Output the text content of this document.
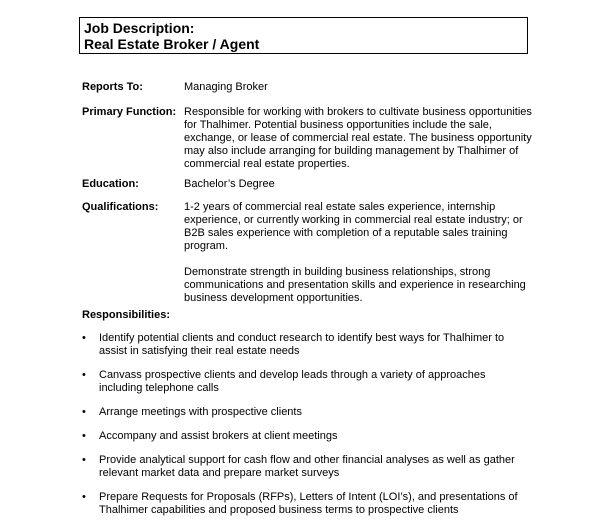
Job Description:
Real Estate Broker / Agent
Reports To:	Managing Broker

Primary Function: Responsible for working with brokers to cultivate business opportunities for Thalhimer. Potential business opportunities include the sale, exchange, or lease of commercial real estate. The business opportunity may also include arranging for building management by Thalhimer of commercial real estate properties.

Education:	Bachelor’s Degree

Qualifications: 1-2 years of commercial real estate sales experience, internship experience, or currently working in commercial real estate industry; or B2B sales experience with completion of a reputable sales training program.

Demonstrate strength in building business relationships, strong communications and presentation skills and experience in researching business development opportunities.

Responsibilities:
• Identify potential clients and conduct research to identify best ways for Thalhimer to assist in satisfying their real estate needs
• Canvass prospective clients and develop leads through a variety of approaches including telephone calls
• Arrange meetings with prospective clients
• Accompany and assist brokers at client meetings
• Provide analytical support for cash flow and other financial analyses as well as gather relevant market data and prepare market surveys
• Prepare Requests for Proposals (RFPs), Letters of Intent (LOI’s), and presentations of Thalhimer capabilities and proposed business terms to prospective clients
